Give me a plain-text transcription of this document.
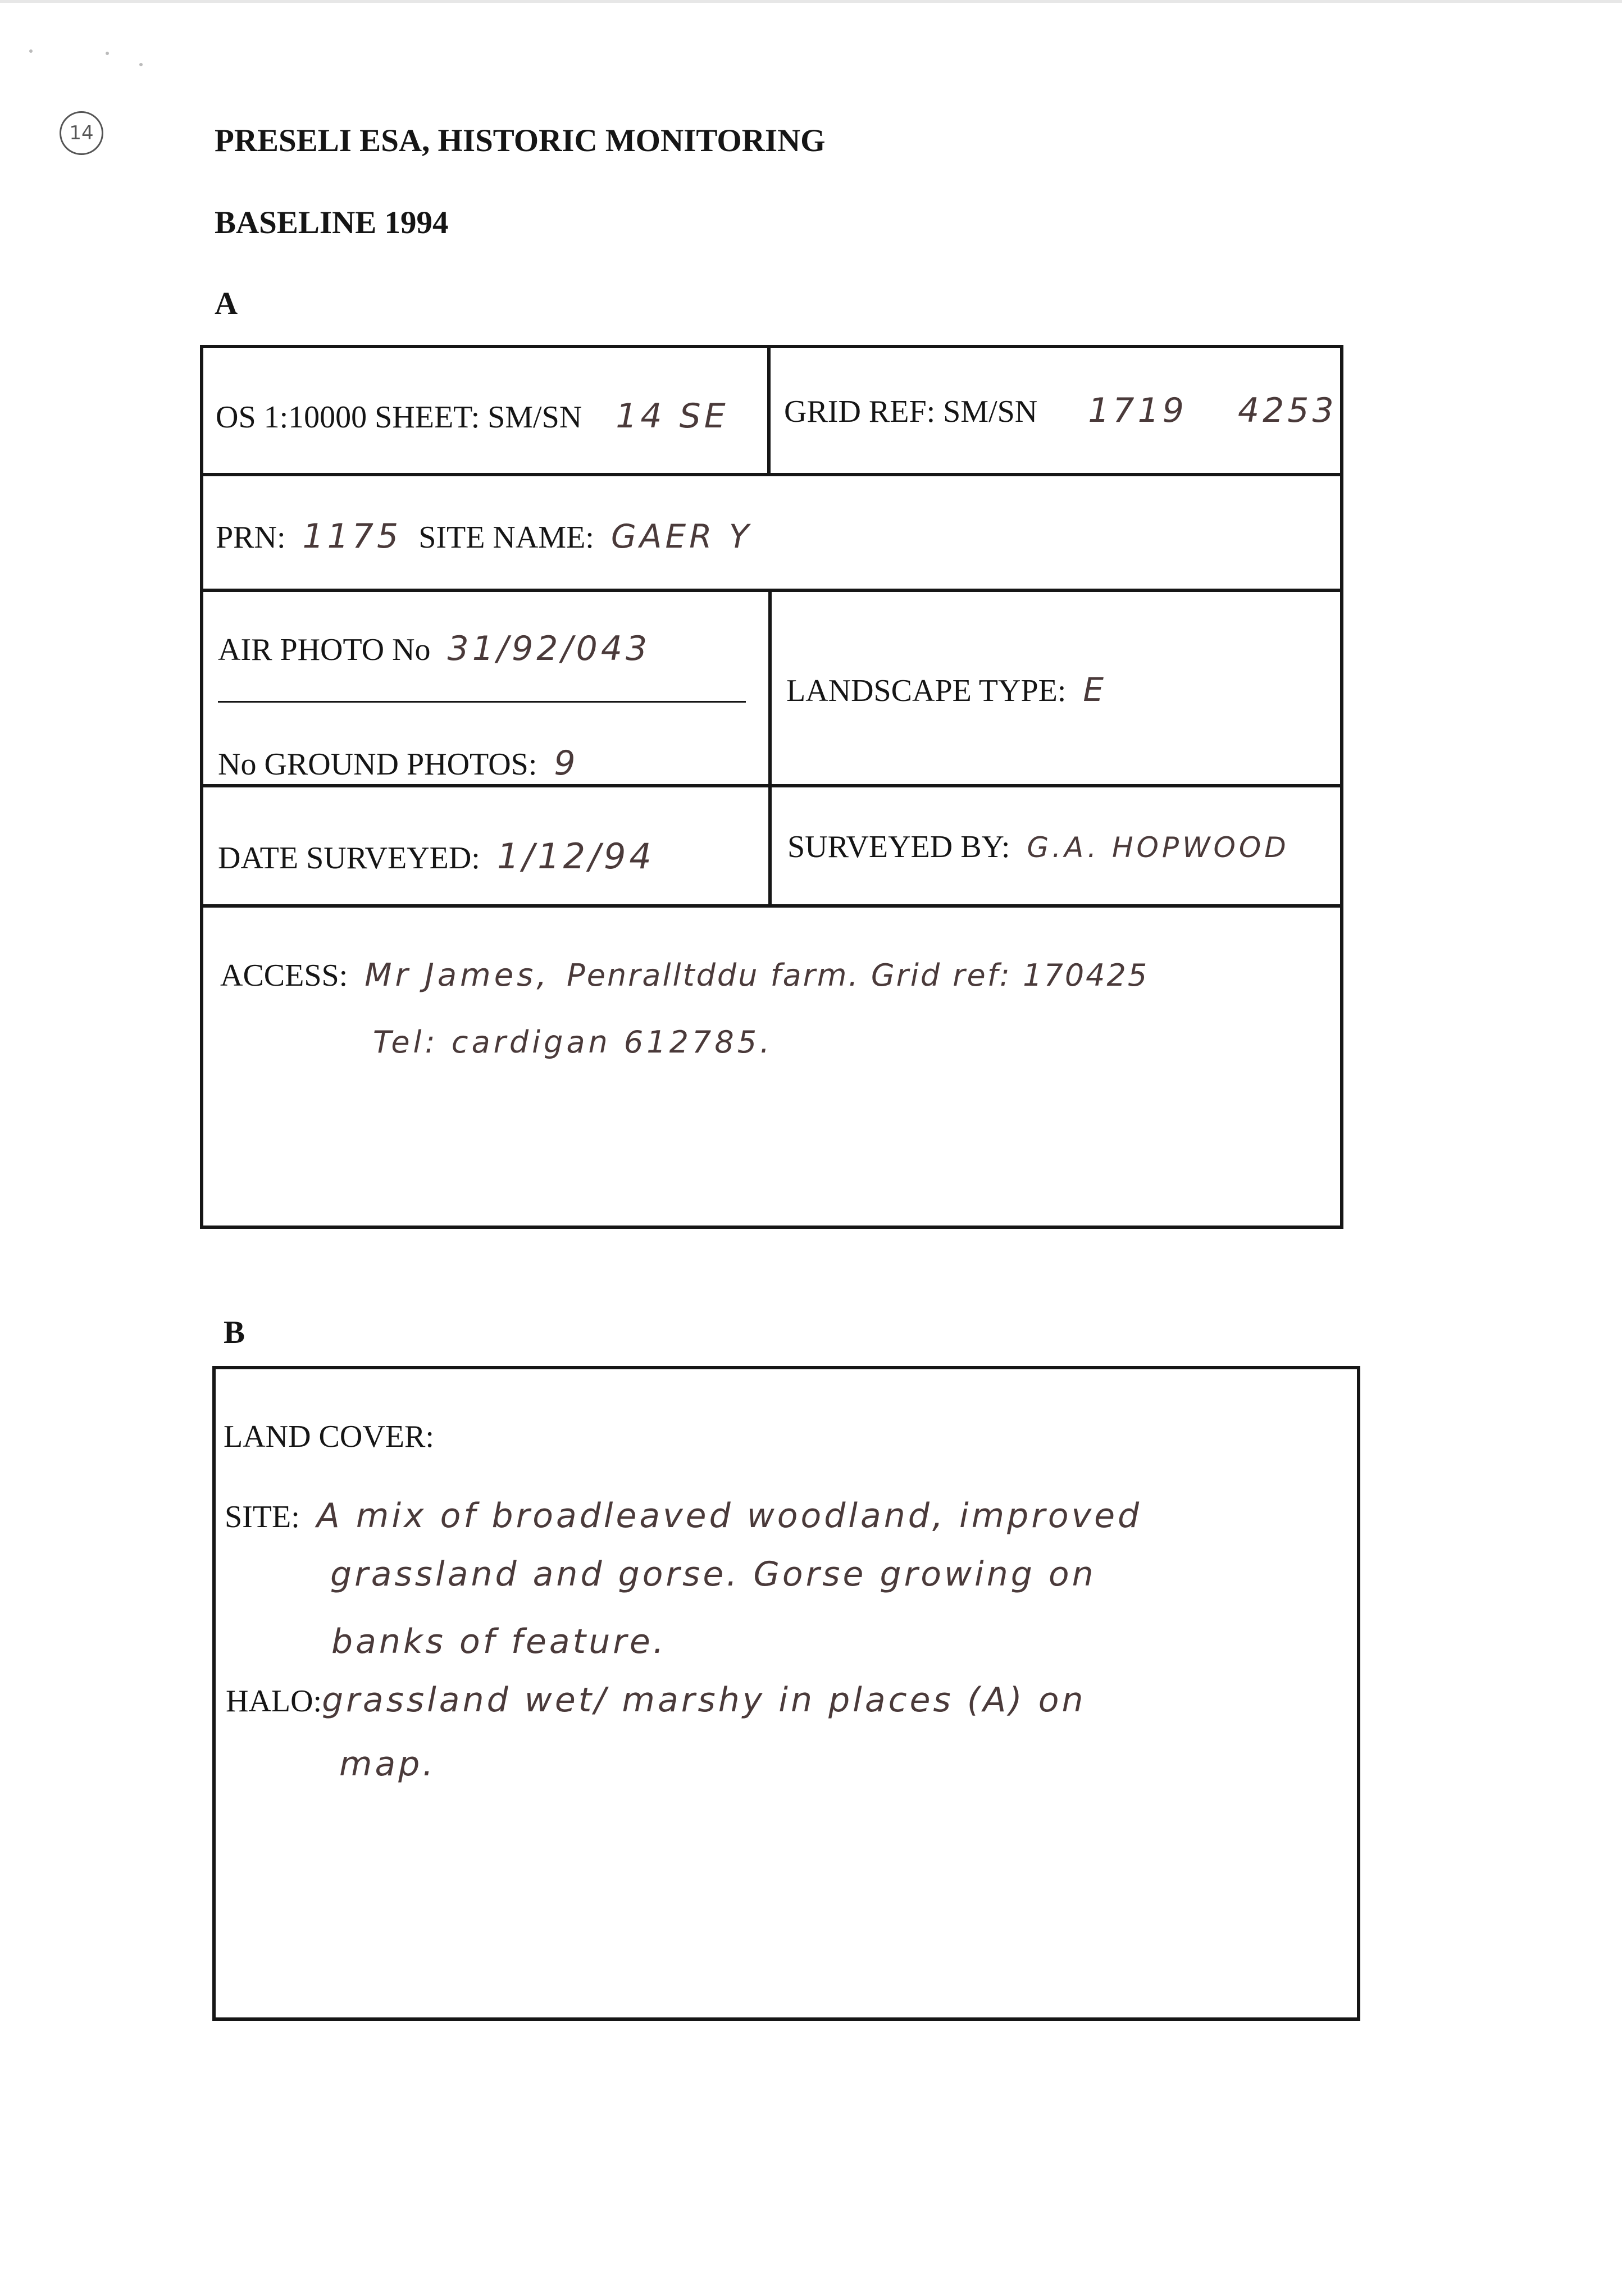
14	PRESELI ESA, HISTORIC MONITORING
BASELINE 1994
A
OS 1:10000 SHEET: SM/SN 14 SE GRID REF: SM/SN 1719 4253
PRN: 1175 SITE NAME: GAER Y
AIR PHOTO No 31/92/043
No GROUND PHOTOS: 9
LANDSCAPE TYPE: E
DATE SURVEYED: 1/12/94	SURVEYED BY: G.A. HOPWOOD
ACCESS: Mr James, Penralltddu farm. Grid ref: 170425
Tel: cardigan 612785.
B
LAND COVER:
SITE: A mix of broadleaved woodland, improved
grassland and gorse. Gorse growing on
banks of feature.
HALO: grassland wet/ marshy in places (A) on
map.
